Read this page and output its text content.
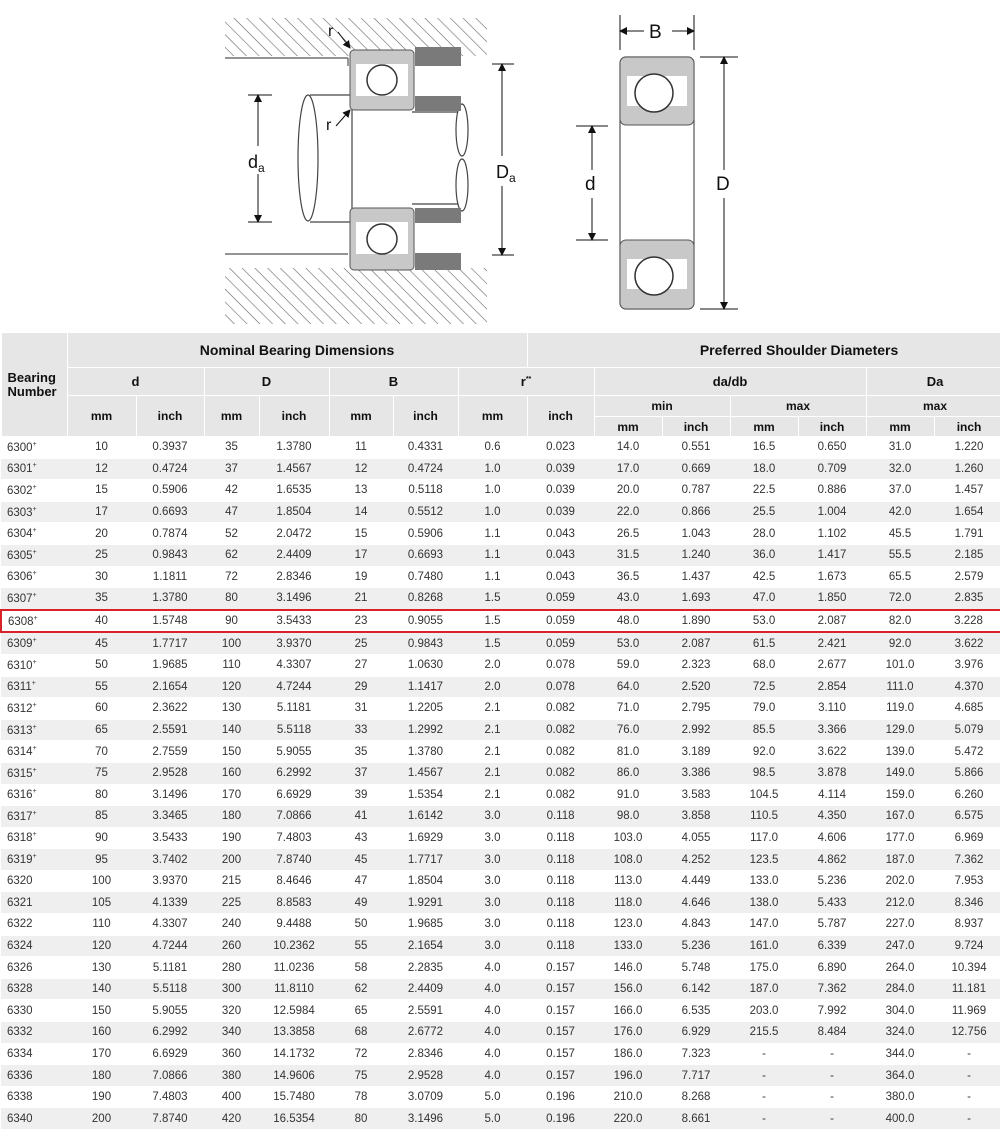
r
r
$d_a$	$D_a$
B
d	D
Bearing
Number	Nominal Bearing Dimensions							Preferred Shoulder Diameters						
	d		D		B		r**		da/db				Da	
	mm	inch	mm	inch	mm	inch	mm	inch	min		max		max	
									mm	inch	mm	inch	mm	inch
6300+	10	0.3937	35	1.3780	11	0.4331	0.6	0.023	14.0	0.551	16.5	0.650	31.0	1.220
6301+	12	0.4724	37	1.4567	12	0.4724	1.0	0.039	17.0	0.669	18.0	0.709	32.0	1.260
6302+	15	0.5906	42	1.6535	13	0.5118	1.0	0.039	20.0	0.787	22.5	0.886	37.0	1.457
6303+	17	0.6693	47	1.8504	14	0.5512	1.0	0.039	22.0	0.866	25.5	1.004	42.0	1.654
6304+	20	0.7874	52	2.0472	15	0.5906	1.1	0.043	26.5	1.043	28.0	1.102	45.5	1.791
6305+	25	0.9843	62	2.4409	17	0.6693	1.1	0.043	31.5	1.240	36.0	1.417	55.5	2.185
6306+	30	1.1811	72	2.8346	19	0.7480	1.1	0.043	36.5	1.437	42.5	1.673	65.5	2.579
6307+	35	1.3780	80	3.1496	21	0.8268	1.5	0.059	43.0	1.693	47.0	1.850	72.0	2.835
6308+	40	1.5748	90	3.5433	23	0.9055	1.5	0.059	48.0	1.890	53.0	2.087	82.0	3.228
6309+	45	1.7717	100	3.9370	25	0.9843	1.5	0.059	53.0	2.087	61.5	2.421	92.0	3.622
6310+	50	1.9685	110	4.3307	27	1.0630	2.0	0.078	59.0	2.323	68.0	2.677	101.0	3.976
6311+	55	2.1654	120	4.7244	29	1.1417	2.0	0.078	64.0	2.520	72.5	2.854	111.0	4.370
6312+	60	2.3622	130	5.1181	31	1.2205	2.1	0.082	71.0	2.795	79.0	3.110	119.0	4.685
6313+	65	2.5591	140	5.5118	33	1.2992	2.1	0.082	76.0	2.992	85.5	3.366	129.0	5.079
6314+	70	2.7559	150	5.9055	35	1.3780	2.1	0.082	81.0	3.189	92.0	3.622	139.0	5.472
6315+	75	2.9528	160	6.2992	37	1.4567	2.1	0.082	86.0	3.386	98.5	3.878	149.0	5.866
6316+	80	3.1496	170	6.6929	39	1.5354	2.1	0.082	91.0	3.583	104.5	4.114	159.0	6.260
6317+	85	3.3465	180	7.0866	41	1.6142	3.0	0.118	98.0	3.858	110.5	4.350	167.0	6.575
6318+	90	3.5433	190	7.4803	43	1.6929	3.0	0.118	103.0	4.055	117.0	4.606	177.0	6.969
6319+	95	3.7402	200	7.8740	45	1.7717	3.0	0.118	108.0	4.252	123.5	4.862	187.0	7.362
6320	100	3.9370	215	8.4646	47	1.8504	3.0	0.118	113.0	4.449	133.0	5.236	202.0	7.953
6321	105	4.1339	225	8.8583	49	1.9291	3.0	0.118	118.0	4.646	138.0	5.433	212.0	8.346
6322	110	4.3307	240	9.4488	50	1.9685	3.0	0.118	123.0	4.843	147.0	5.787	227.0	8.937
6324	120	4.7244	260	10.2362	55	2.1654	3.0	0.118	133.0	5.236	161.0	6.339	247.0	9.724
6326	130	5.1181	280	11.0236	58	2.2835	4.0	0.157	146.0	5.748	175.0	6.890	264.0	10.394
6328	140	5.5118	300	11.8110	62	2.4409	4.0	0.157	156.0	6.142	187.0	7.362	284.0	11.181
6330	150	5.9055	320	12.5984	65	2.5591	4.0	0.157	166.0	6.535	203.0	7.992	304.0	11.969
6332	160	6.2992	340	13.3858	68	2.6772	4.0	0.157	176.0	6.929	215.5	8.484	324.0	12.756
6334	170	6.6929	360	14.1732	72	2.8346	4.0	0.157	186.0	7.323	-	-	344.0	-
6336	180	7.0866	380	14.9606	75	2.9528	4.0	0.157	196.0	7.717	-	-	364.0	-
6338	190	7.4803	400	15.7480	78	3.0709	5.0	0.196	210.0	8.268	-	-	380.0	-
6340	200	7.8740	420	16.5354	80	3.1496	5.0	0.196	220.0	8.661	-	-	400.0	-
